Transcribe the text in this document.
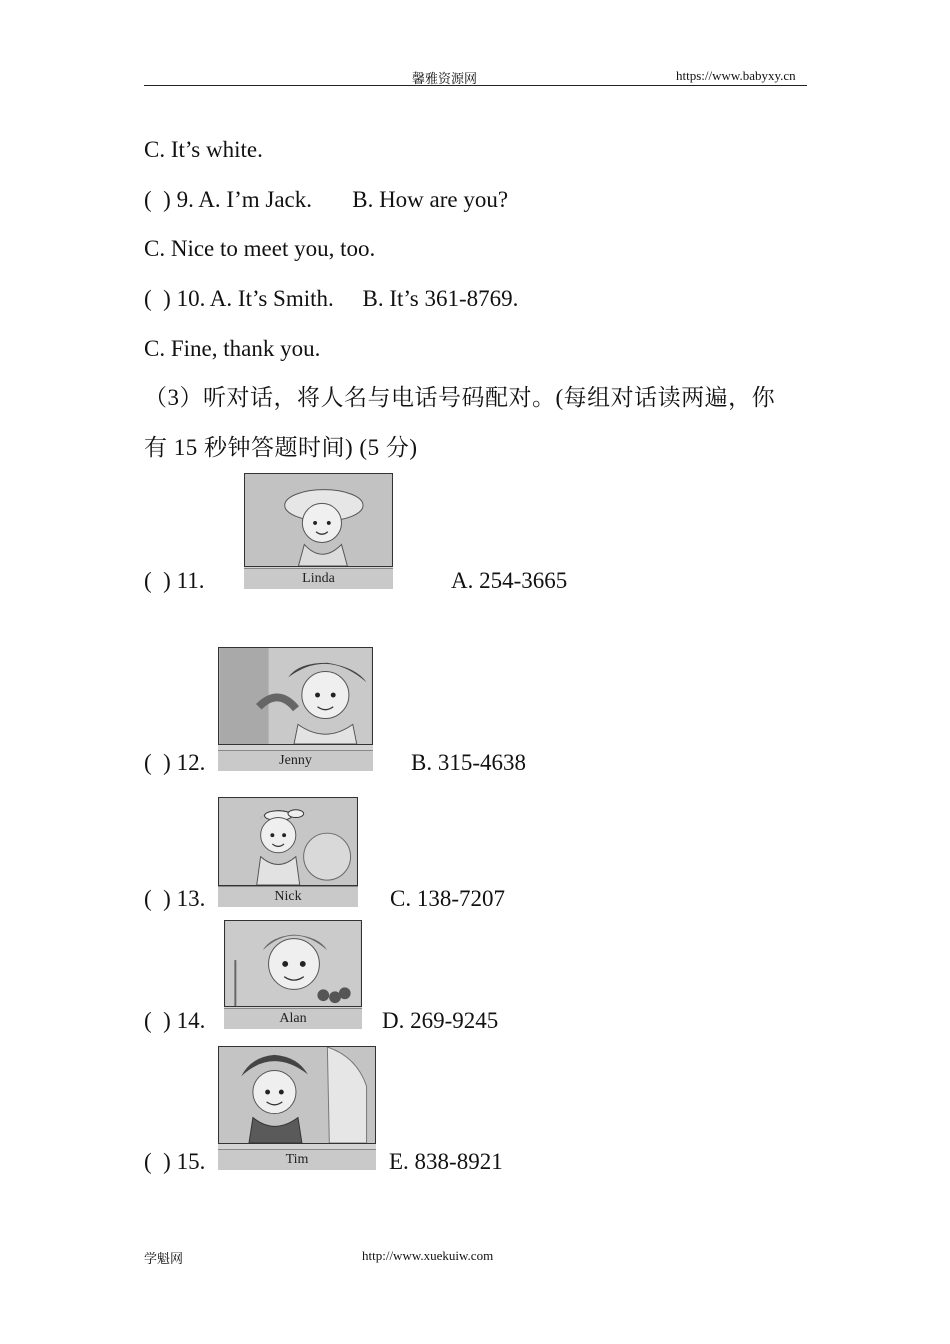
馨雅资源网	https://www.babyxy.cn
C. It’s white.
(  ) 9. A. I’m Jack.       B. How are you?
C. Nice to meet you, too.
(  ) 10. A. It’s Smith.     B. It’s 361-8769.
C. Fine, thank you.
（3）听对话，将人名与电话号码配对。(每组对话读两遍，你
有 15 秒钟答题时间) (5 分)
Linda
(  ) 11.	A. 254-3665
Jenny
(  ) 12.	B. 315-4638
Nick
(  ) 13.	C. 138-7207
Alan
(  ) 14.	D. 269-9245
Tim
(  ) 15.	E. 838-8921
学魁网	http://www.xuekuiw.com
